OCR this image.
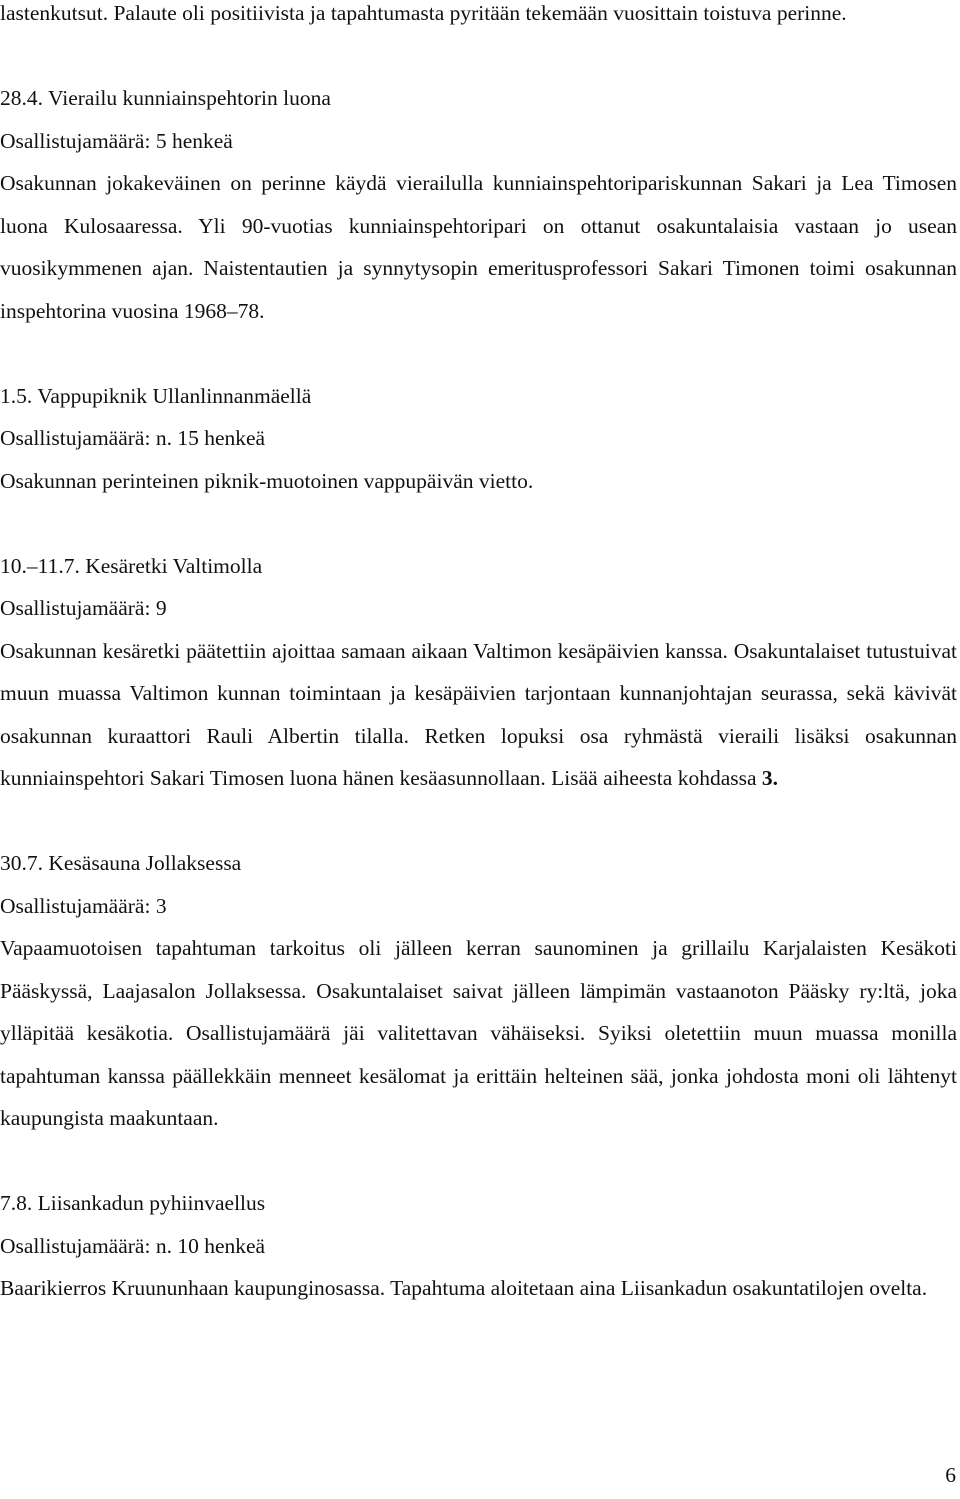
lastenkutsut. Palaute oli positiivista ja tapahtumasta pyritään tekemään vuosittain toistuva perinne.

28.4. Vierailu kunniainspehtorin luona

Osallistujamäärä: 5 henkeä

Osakunnan jokakeväinen on perinne käydä vierailulla kunniainspehtoripariskunnan Sakari ja Lea Timosen luona Kulosaaressa. Yli 90-vuotias kunniainspehtoripari on ottanut osakuntalaisia vastaan jo usean vuosikymmenen ajan. Naistentautien ja synnytysopin emeritusprofessori Sakari Timonen toimi osakunnan inspehtorina vuosina 1968–78.

1.5. Vappupiknik Ullanlinnanmäellä

Osallistujamäärä: n. 15 henkeä

Osakunnan perinteinen piknik-muotoinen vappupäivän vietto.

10.–11.7. Kesäretki Valtimolla

Osallistujamäärä: 9

Osakunnan kesäretki päätettiin ajoittaa samaan aikaan Valtimon kesäpäivien kanssa. Osakuntalaiset tutustuivat muun muassa Valtimon kunnan toimintaan ja kesäpäivien tarjontaan kunnanjohtajan seurassa, sekä kävivät osakunnan kuraattori Rauli Albertin tilalla. Retken lopuksi osa ryhmästä vieraili lisäksi osakunnan kunniainspehtori Sakari Timosen luona hänen kesäasunnollaan. Lisää aiheesta kohdassa 3.

30.7. Kesäsauna Jollaksessa

Osallistujamäärä: 3

Vapaamuotoisen tapahtuman tarkoitus oli jälleen kerran saunominen ja grillailu Karjalaisten Kesäkoti Pääskyssä, Laajasalon Jollaksessa. Osakuntalaiset saivat jälleen lämpimän vastaanoton Pääsky ry:ltä, joka ylläpitää kesäkotia. Osallistujamäärä jäi valitettavan vähäiseksi. Syiksi oletettiin muun muassa monilla tapahtuman kanssa päällekkäin menneet kesälomat ja erittäin helteinen sää, jonka johdosta moni oli lähtenyt kaupungista maakuntaan.

7.8. Liisankadun pyhiinvaellus

Osallistujamäärä: n. 10 henkeä

Baarikierros Kruununhaan kaupunginosassa. Tapahtuma aloitetaan aina Liisankadun osakuntatilojen ovelta.

6
